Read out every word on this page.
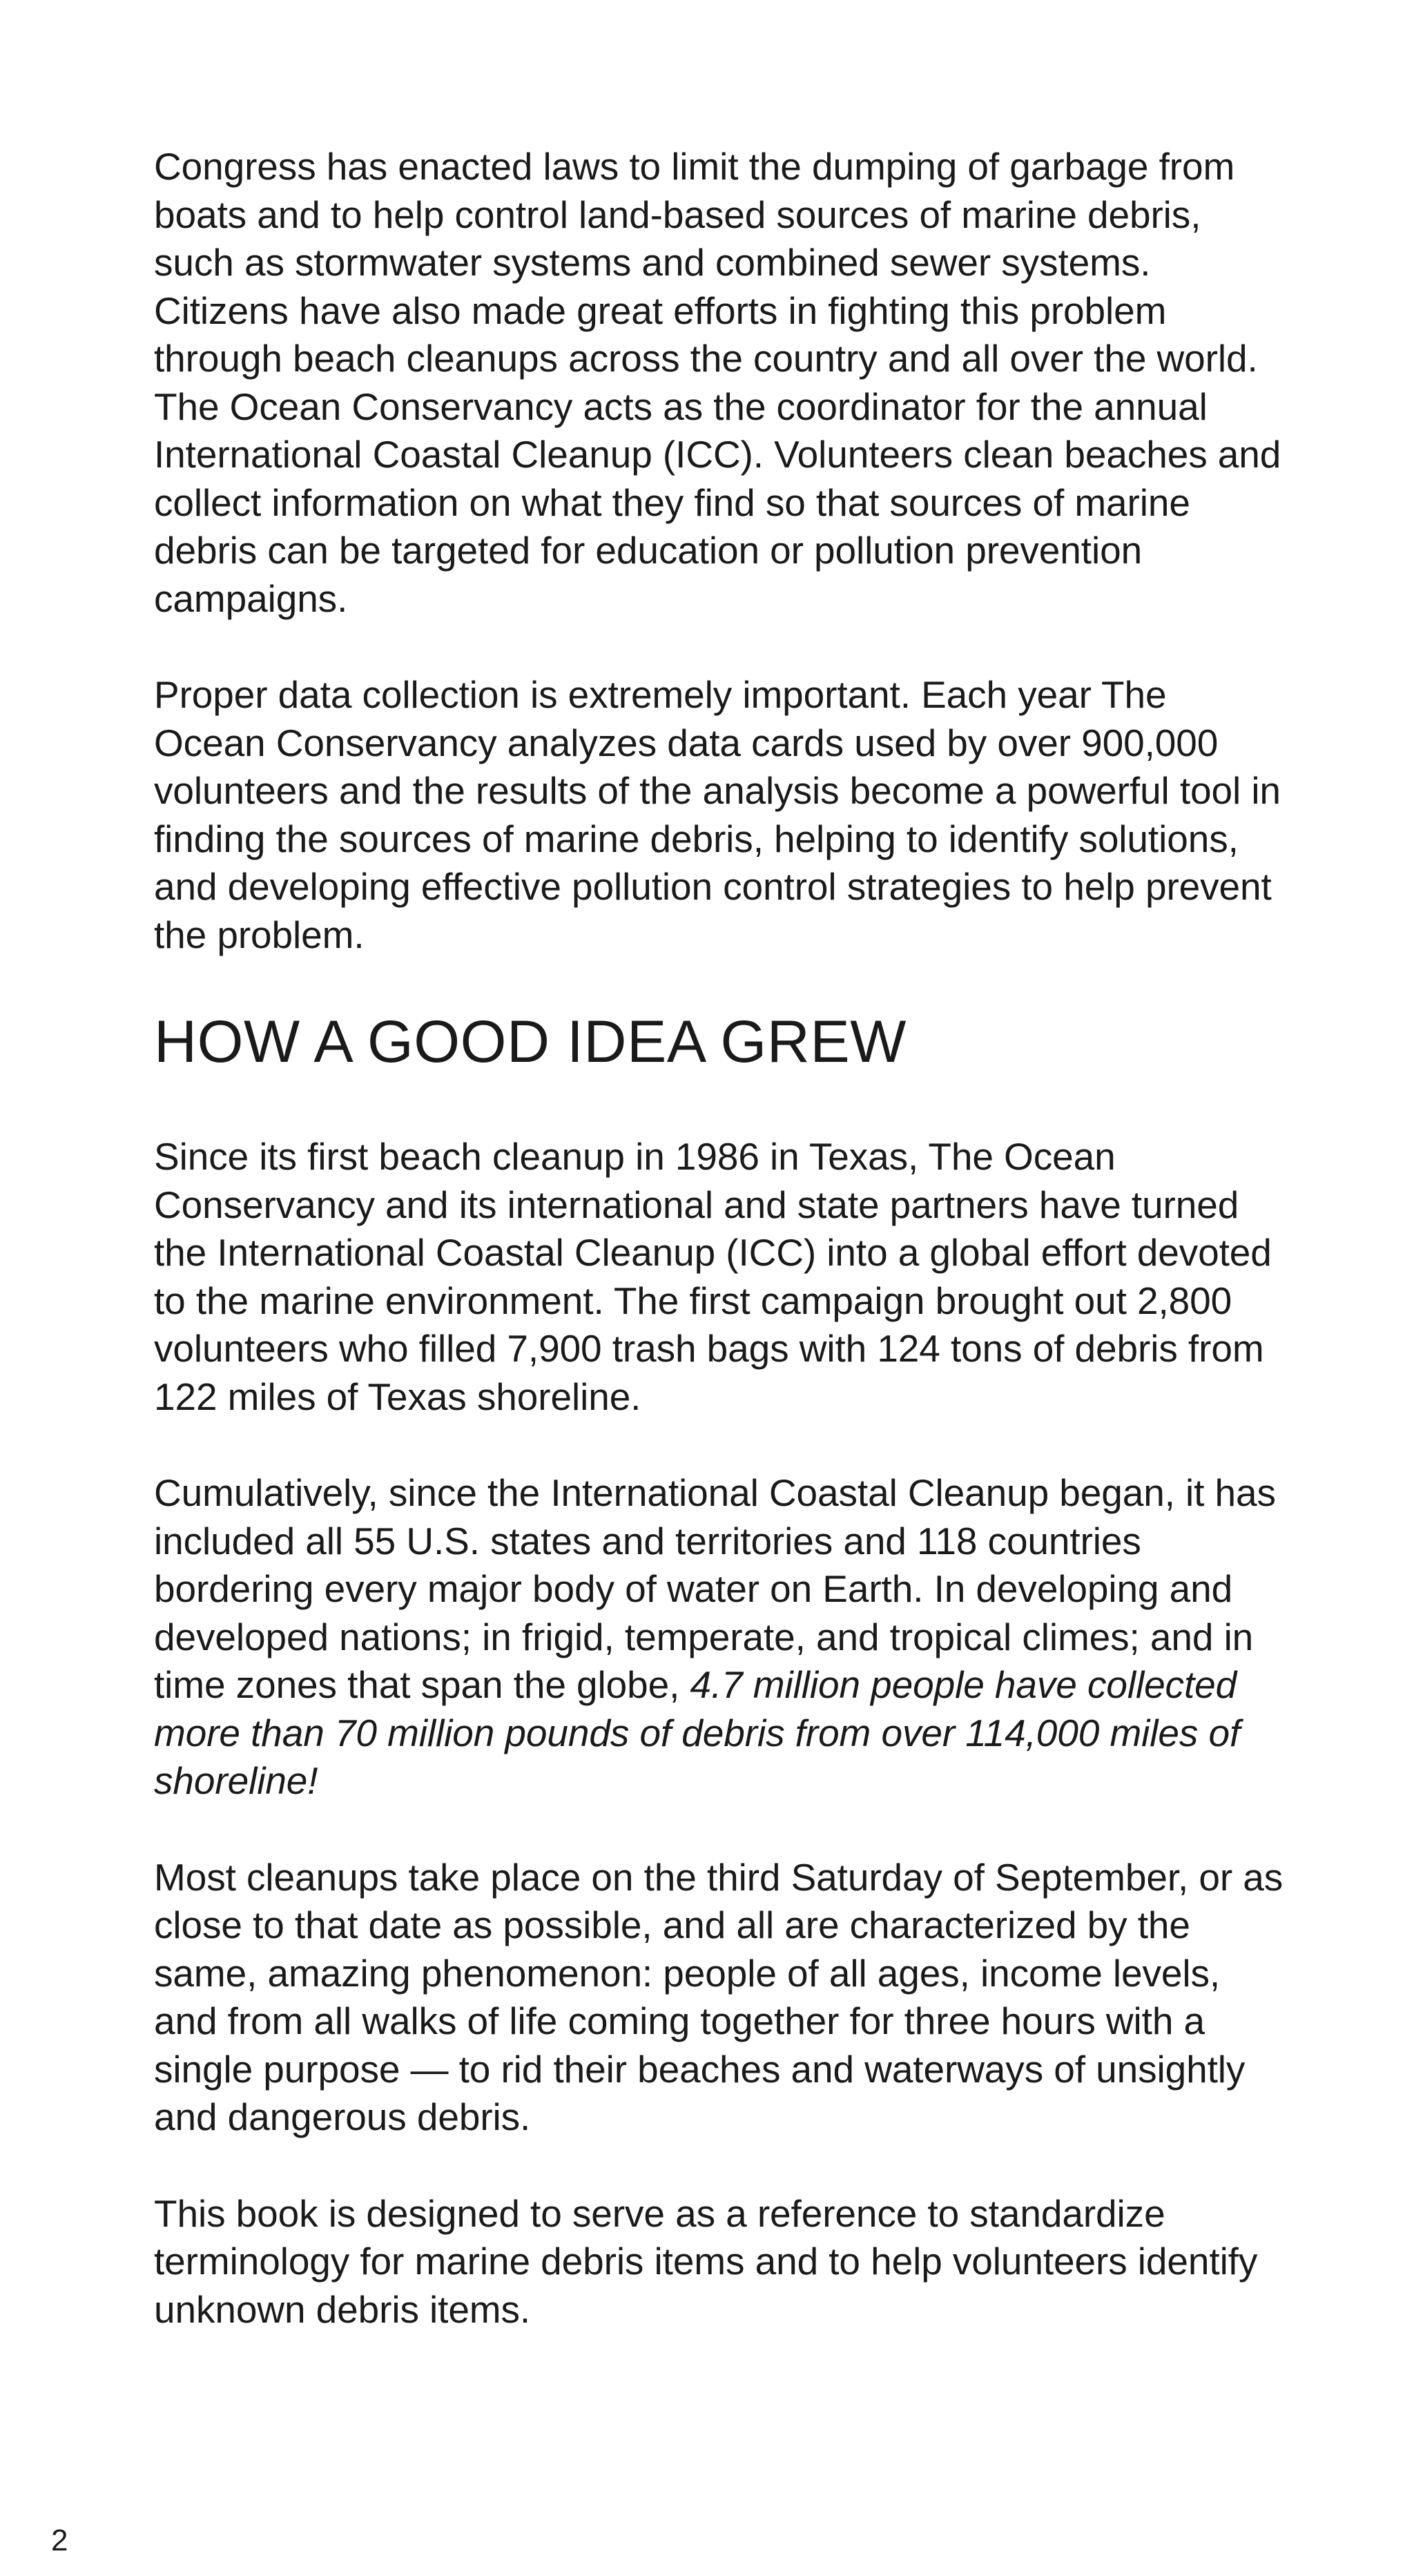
Congress has enacted laws to limit the dumping of garbage from boats and to help control land-based sources of marine debris, such as stormwater systems and combined sewer systems. Citizens have also made great efforts in fighting this problem through beach cleanups across the country and all over the world. The Ocean Conservancy acts as the coordinator for the annual International Coastal Cleanup (ICC). Volunteers clean beaches and collect information on what they find so that sources of marine debris can be targeted for education or pollution prevention campaigns.

Proper data collection is extremely important. Each year The Ocean Conservancy analyzes data cards used by over 900,000 volunteers and the results of the analysis become a powerful tool in finding the sources of marine debris, helping to identify solutions, and developing effective pollution control strategies to help prevent the problem.

HOW A GOOD IDEA GREW

Since its first beach cleanup in 1986 in Texas, The Ocean Conservancy and its international and state partners have turned the International Coastal Cleanup (ICC) into a global effort devoted to the marine environment. The first campaign brought out 2,800 volunteers who filled 7,900 trash bags with 124 tons of debris from 122 miles of Texas shoreline.

Cumulatively, since the International Coastal Cleanup began, it has included all 55 U.S. states and territories and 118 countries bordering every major body of water on Earth. In developing and developed nations; in frigid, temperate, and tropical climes; and in time zones that span the globe, 4.7 million people have collected more than 70 million pounds of debris from over 114,000 miles of shoreline!

Most cleanups take place on the third Saturday of September, or as close to that date as possible, and all are characterized by the same, amazing phenomenon: people of all ages, income levels, and from all walks of life coming together for three hours with a single purpose — to rid their beaches and waterways of unsightly and dangerous debris.

This book is designed to serve as a reference to standardize terminology for marine debris items and to help volunteers identify unknown debris items.

2
